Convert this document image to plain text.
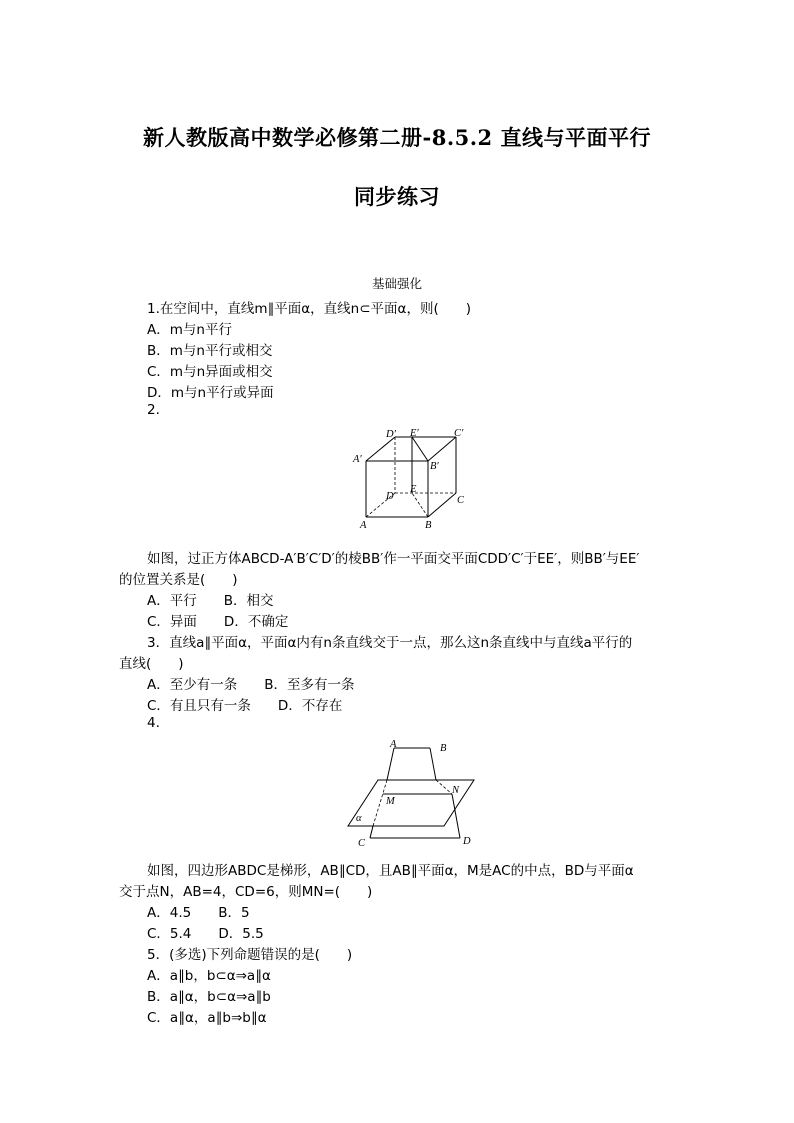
新人教版高中数学必修第二册-8.5.2 直线与平面平行
同步练习
基础强化
1.在空间中，直线m∥平面α，直线n⊂平面α，则(　　)
A．m与n平行
B．m与n平行或相交
C．m与n异面或相交
D．m与n平行或异面
2.
D′ E′	C′
A′
B′
D
E
C
A	B
如图，过正方体ABCD-A′B′C′D′的棱BB′作一平面交平面CDD′C′于EE′，则BB′与EE′
的位置关系是(　　)
A．平行　　B．相交
C．异面　　D．不确定
3．直线a∥平面α，平面α内有n条直线交于一点，那么这n条直线中与直线a平行的
直线(　　)
A．至少有一条　　B．至多有一条
C．有且只有一条　　D．不存在
4.
A	B
M
N
α
C	D
如图，四边形ABDC是梯形，AB∥CD，且AB∥平面α，M是AC的中点，BD与平面α
交于点N，AB=4，CD=6，则MN=(　　)
A．4.5　　B．5
C．5.4　　D．5.5
5．(多选)下列命题错误的是(　　)
A．a∥b，b⊂α⇒a∥α
B．a∥α，b⊂α⇒a∥b
C．a∥α，a∥b⇒b∥α
